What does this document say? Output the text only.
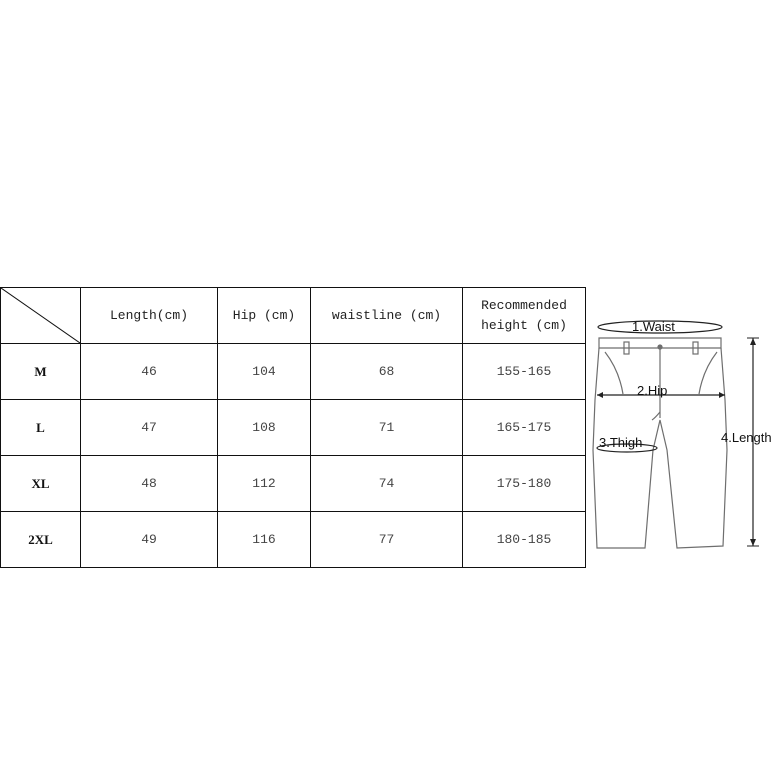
Length(cm)	Hip (cm)	waistline (cm)	Recommended
height (cm)

M	46	104	68	155-165
L	47	108	71	165-175
XL	48	112	74	175-180
2XL	49	116	77	180-185
1.Waist
2.Hip
3.Thigh	4.Length
